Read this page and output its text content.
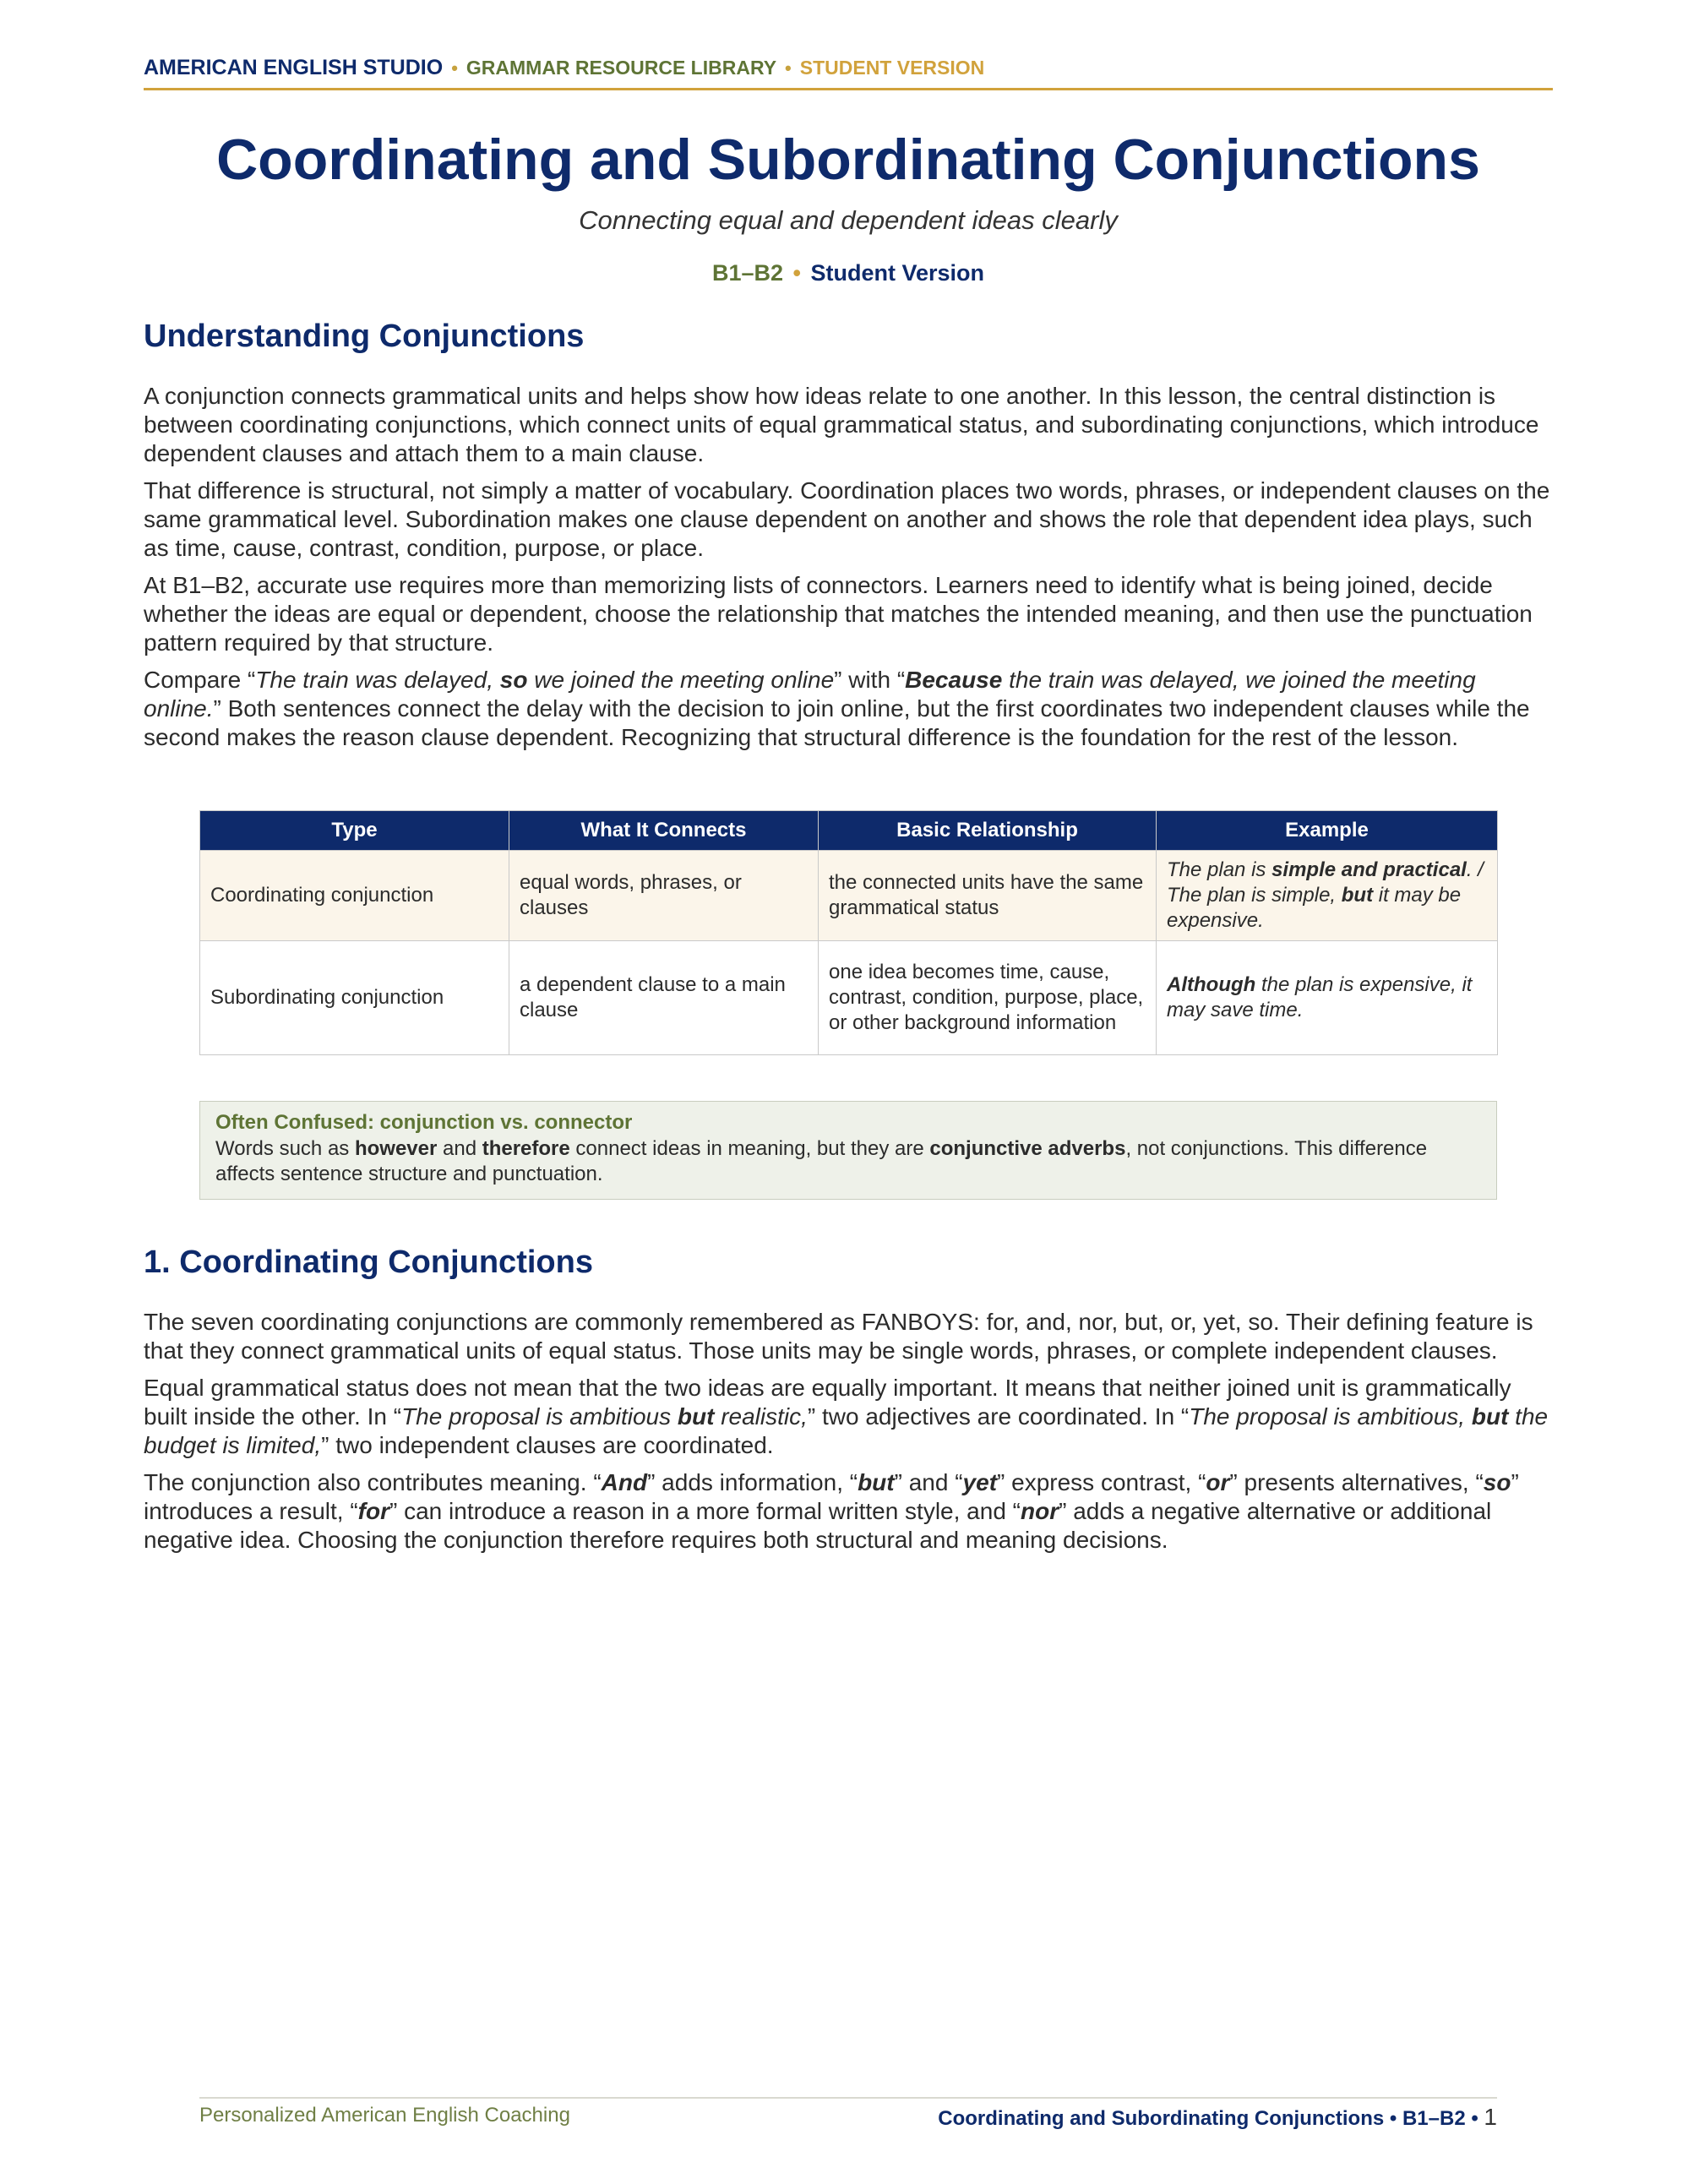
AMERICAN ENGLISH STUDIO • GRAMMAR RESOURCE LIBRARY • STUDENT VERSION
Coordinating and Subordinating Conjunctions
Connecting equal and dependent ideas clearly
B1–B2 • Student Version
Understanding Conjunctions

A conjunction connects grammatical units and helps show how ideas relate to one another. In this lesson, the central distinction is between coordinating conjunctions, which connect units of equal grammatical status, and subordinating conjunctions, which introduce dependent clauses and attach them to a main clause.

That difference is structural, not simply a matter of vocabulary. Coordination places two words, phrases, or independent clauses on the same grammatical level. Subordination makes one clause dependent on another and shows the role that dependent idea plays, such as time, cause, contrast, condition, purpose, or place.

At B1–B2, accurate use requires more than memorizing lists of connectors. Learners need to identify what is being joined, decide whether the ideas are equal or dependent, choose the relationship that matches the intended meaning, and then use the punctuation pattern required by that structure.

Compare “The train was delayed, so we joined the meeting online” with “Because the train was delayed, we joined the meeting online.” Both sentences connect the delay with the decision to join online, but the first coordinates two independent clauses while the second makes the reason clause dependent. Recognizing that structural difference is the foundation for the rest of the lesson.

Type	What It Connects	Basic Relationship	Example
Coordinating conjunction	equal words, phrases, or clauses	the connected units have the same grammatical status	The plan is simple and practical. / The plan is simple, but it may be expensive.
Subordinating conjunction	a dependent clause to a main clause	one idea becomes time, cause, contrast, condition, purpose, place, or other background information	Although the plan is expensive, it may save time.
Often Confused: conjunction vs. connector
Words such as however and therefore connect ideas in meaning, but they are conjunctive adverbs, not conjunctions. This difference affects sentence structure and punctuation.
1. Coordinating Conjunctions

The seven coordinating conjunctions are commonly remembered as FANBOYS: for, and, nor, but, or, yet, so. Their defining feature is that they connect grammatical units of equal status. Those units may be single words, phrases, or complete independent clauses.

Equal grammatical status does not mean that the two ideas are equally important. It means that neither joined unit is grammatically built inside the other. In “The proposal is ambitious but realistic,” two adjectives are coordinated. In “The proposal is ambitious, but the budget is limited,” two independent clauses are coordinated.

The conjunction also contributes meaning. “And” adds information, “but” and “yet” express contrast, “or” presents alternatives, “so” introduces a result, “for” can introduce a reason in a more formal written style, and “nor” adds a negative alternative or additional negative idea. Choosing the conjunction therefore requires both structural and meaning decisions.

Personalized American English Coaching	Coordinating and Subordinating Conjunctions • B1–B2 • 1
